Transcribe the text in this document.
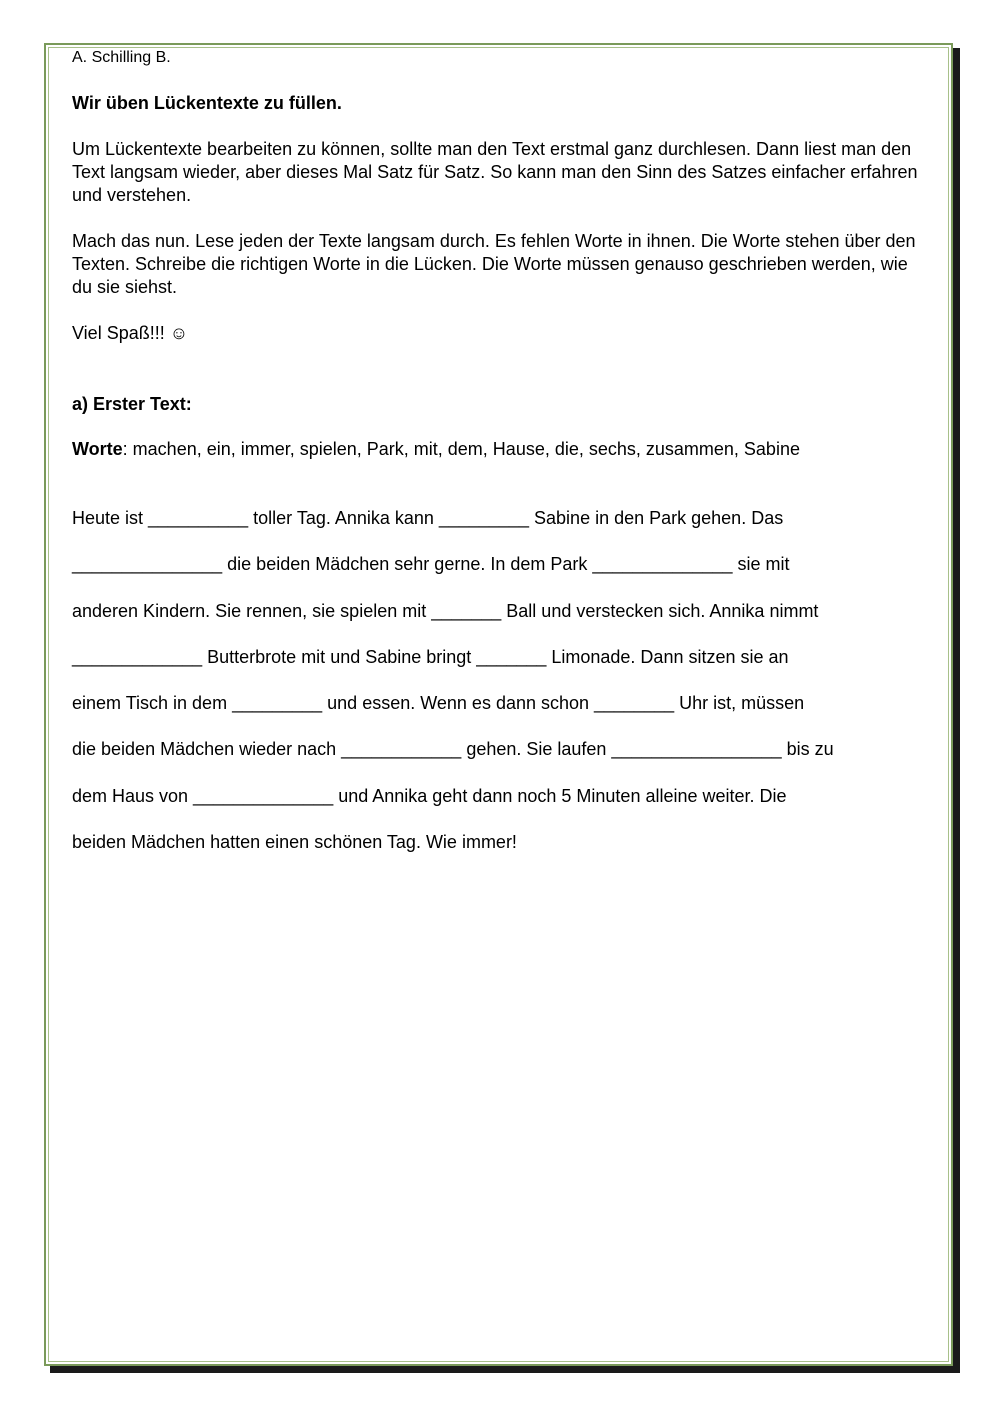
A. Schilling B.

Wir üben Lückentexte zu füllen.

Um Lückentexte bearbeiten zu können, sollte man den Text erstmal ganz durchlesen. Dann liest man den Text langsam wieder, aber dieses Mal Satz für Satz. So kann man den Sinn des Satzes einfacher erfahren und verstehen.

Mach das nun. Lese jeden der Texte langsam durch. Es fehlen Worte in ihnen. Die Worte stehen über den Texten. Schreibe die richtigen Worte in die Lücken. Die Worte müssen genauso geschrieben werden, wie du sie siehst.

Viel Spaß!!! ☺

a) Erster Text:

Worte: machen, ein, immer, spielen, Park, mit, dem, Hause, die, sechs, zusammen, Sabine

Heute ist __________ toller Tag. Annika kann _________ Sabine in den Park gehen. Das
_______________ die beiden Mädchen sehr gerne. In dem Park ______________ sie mit
anderen Kindern. Sie rennen, sie spielen mit _______ Ball und verstecken sich. Annika nimmt
_____________ Butterbrote mit und Sabine bringt _______ Limonade. Dann sitzen sie an
einem Tisch in dem _________ und essen. Wenn es dann schon ________ Uhr ist, müssen
die beiden Mädchen wieder nach ____________ gehen. Sie laufen _________________ bis zu
dem Haus von ______________ und Annika geht dann noch 5 Minuten alleine weiter. Die
beiden Mädchen hatten einen schönen Tag. Wie immer!
